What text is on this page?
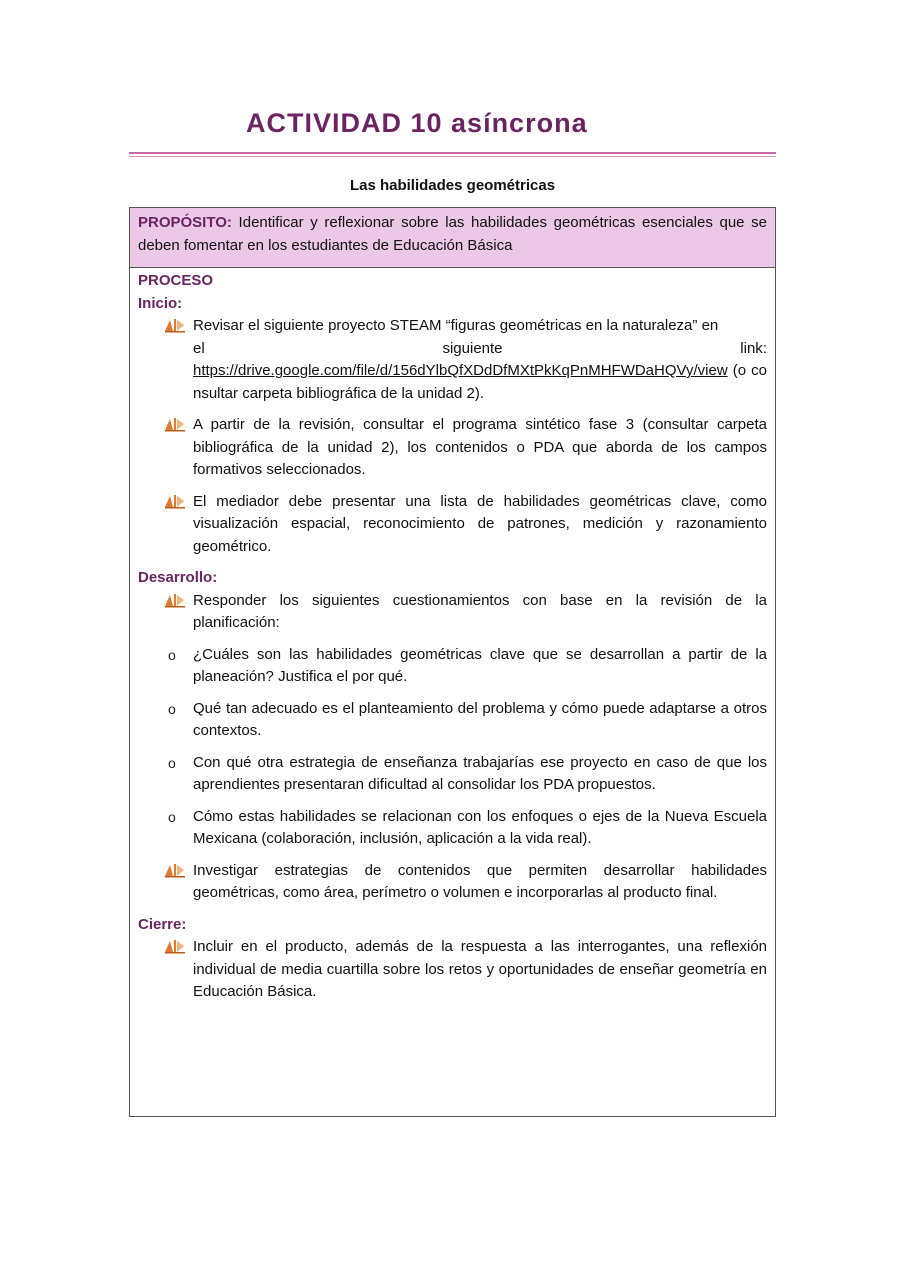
ACTIVIDAD 10 asíncrona
Las habilidades geométricas
PROPÓSITO: Identificar y reflexionar sobre las habilidades geométricas esenciales que se deben fomentar en los estudiantes de Educación Básica
PROCESO
Inicio:
Revisar el siguiente proyecto STEAM “figuras geométricas en la naturaleza” en
el	siguiente	link:
https://drive.google.com/file/d/156dYlbQfXDdDfMXtPkKqPnMHFWDaHQVy/view (o consultar carpeta bibliográfica de la unidad 2).
A partir de la revisión, consultar el programa sintético fase 3 (consultar carpeta bibliográfica de la unidad 2), los contenidos o PDA que aborda de los campos formativos seleccionados.
El mediador debe presentar una lista de habilidades geométricas clave, como visualización espacial, reconocimiento de patrones, medición y razonamiento geométrico.
Desarrollo:
Responder los siguientes cuestionamientos con base en la revisión de la planificación:
o ¿Cuáles son las habilidades geométricas clave que se desarrollan a partir de la planeación? Justifica el por qué.
o Qué tan adecuado es el planteamiento del problema y cómo puede adaptarse a otros contextos.
o Con qué otra estrategia de enseñanza trabajarías ese proyecto en caso de que los aprendientes presentaran dificultad al consolidar los PDA propuestos.
o Cómo estas habilidades se relacionan con los enfoques o ejes de la Nueva Escuela Mexicana (colaboración, inclusión, aplicación a la vida real).
Investigar estrategias de contenidos que permiten desarrollar habilidades geométricas, como área, perímetro o volumen e incorporarlas al producto final.
Cierre:
Incluir en el producto, además de la respuesta a las interrogantes, una reflexión individual de media cuartilla sobre los retos y oportunidades de enseñar geometría en Educación Básica.
